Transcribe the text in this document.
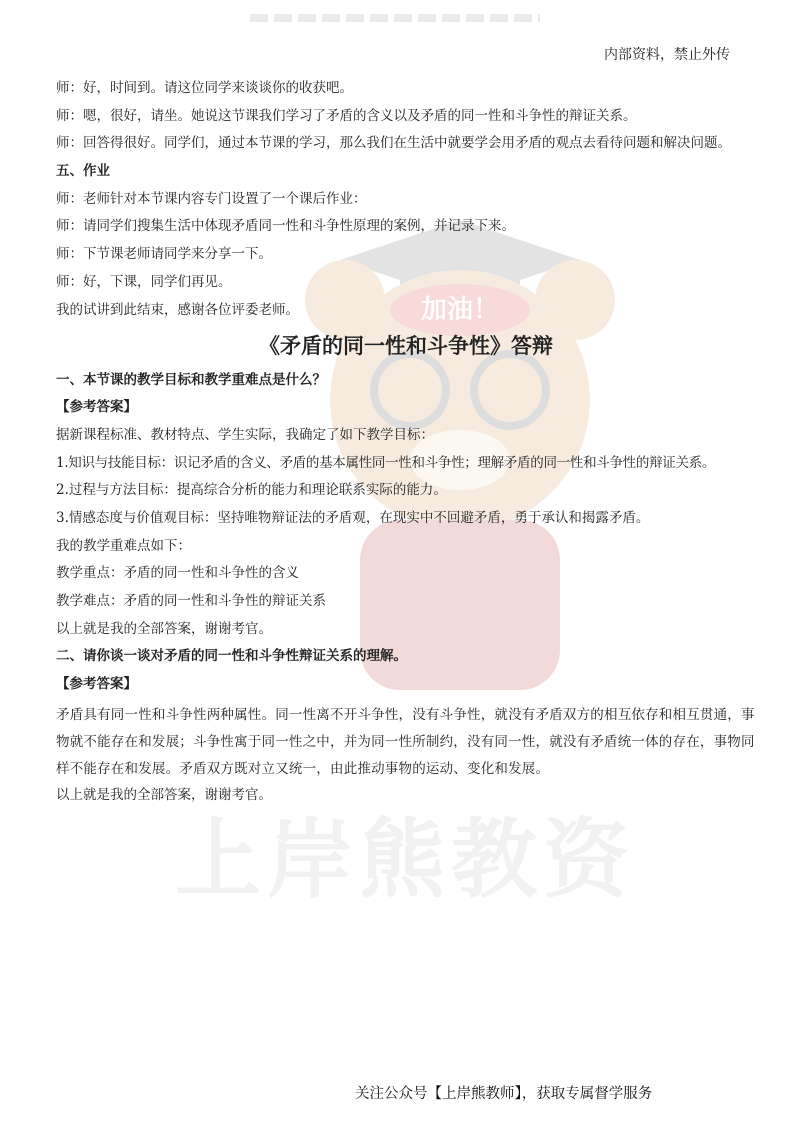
内部资料，禁止外传
加油！
上岸熊教资

师：好，时间到。请这位同学来谈谈你的收获吧。

师：嗯，很好，请坐。她说这节课我们学习了矛盾的含义以及矛盾的同一性和斗争性的辩证关系。

师：回答得很好。同学们，通过本节课的学习，那么我们在生活中就要学会用矛盾的观点去看待问题和解决问题。

五、作业

师：老师针对本节课内容专门设置了一个课后作业：

师：请同学们搜集生活中体现矛盾同一性和斗争性原理的案例，并记录下来。

师：下节课老师请同学来分享一下。

师：好，下课，同学们再见。

我的试讲到此结束，感谢各位评委老师。

《矛盾的同一性和斗争性》答辩

一、本节课的教学目标和教学重难点是什么？

【参考答案】

据新课程标准、教材特点、学生实际，我确定了如下教学目标：

1.知识与技能目标：识记矛盾的含义、矛盾的基本属性同一性和斗争性；理解矛盾的同一性和斗争性的辩证关系。

2.过程与方法目标：提高综合分析的能力和理论联系实际的能力。

3.情感态度与价值观目标：坚持唯物辩证法的矛盾观，在现实中不回避矛盾，勇于承认和揭露矛盾。

我的教学重难点如下：

教学重点：矛盾的同一性和斗争性的含义

教学难点：矛盾的同一性和斗争性的辩证关系

以上就是我的全部答案，谢谢考官。

二、请你谈一谈对矛盾的同一性和斗争性辩证关系的理解。

【参考答案】

矛盾具有同一性和斗争性两种属性。同一性离不开斗争性，没有斗争性，就没有矛盾双方的相互依存和相互贯通，事物就不能存在和发展；斗争性寓于同一性之中，并为同一性所制约，没有同一性，就没有矛盾统一体的存在，事物同样不能存在和发展。矛盾双方既对立又统一，由此推动事物的运动、变化和发展。

以上就是我的全部答案，谢谢考官。

关注公众号【上岸熊教师】，获取专属督学服务
